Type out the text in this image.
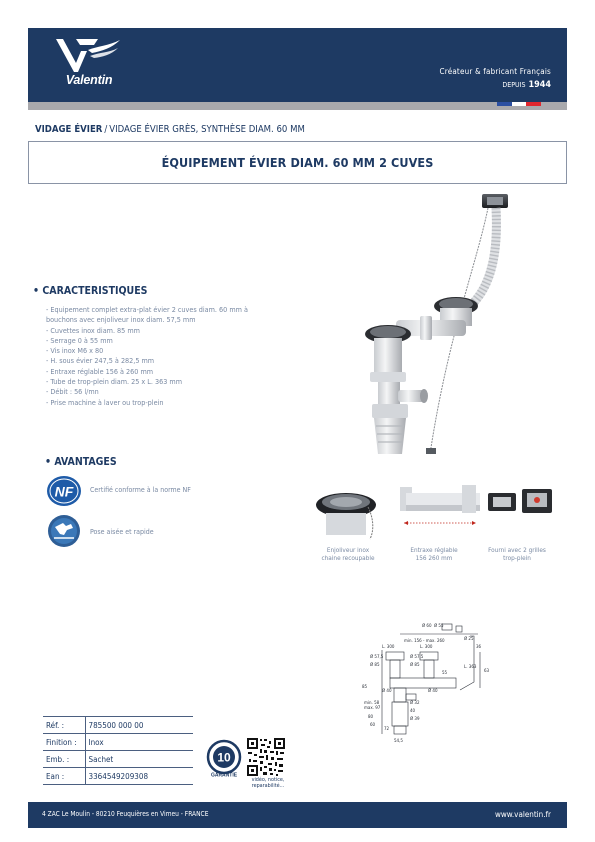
Valentin
Créateur & fabricant Français
DEPUIS 1944
VIDAGE ÉVIER / VIDAGE ÉVIER GRÈS, SYNTHÈSE DIAM. 60 MM
ÉQUIPEMENT ÉVIER DIAM. 60 MM 2 CUVES
• CARACTERISTIQUES
- Equipement complet extra-plat évier 2 cuves diam. 60 mm à
bouchons avec enjoliveur inox diam. 57,5 mm
- Cuvettes inox diam. 85 mm
- Serrage 0 à 55 mm
- Vis inox M6 x 80
- H. sous évier 247,5 à 282,5 mm
- Entraxe réglable 156 à 260 mm
- Tube de trop-plein diam. 25 x L. 363 mm
- Débit : 56 l/mn
- Prise machine à laver ou trop-plein
• AVANTAGES
NF Certifié conforme à la norme NF
Pose aisée et rapide
Enjoliveur inox
chaine recoupable
Entraxe réglable
156 260 mm
Fourni avec 2 grilles
trop-plein
L. 300
Ø 57,5	Ø 57,5
L. 300
Ø 85	Ø 85
min. 156 - max. 260
Ø 60 Ø 55
Ø 25
L. 363
36
63
85
55
54,5
40
min. 58
max. 97
80
60
72
Ø 40	Ø 40
Ø 39
Ø 32
Réf. :	785500 000 00
Finition :	Inox
Emb. :	Sachet
Ean :	3364549209308
10
GARANTIE
vidéo, notice,
reparabilité...
4 ZAC Le Moulin - 80210 Feuquières en Vimeu - FRANCE	www.valentin.fr
